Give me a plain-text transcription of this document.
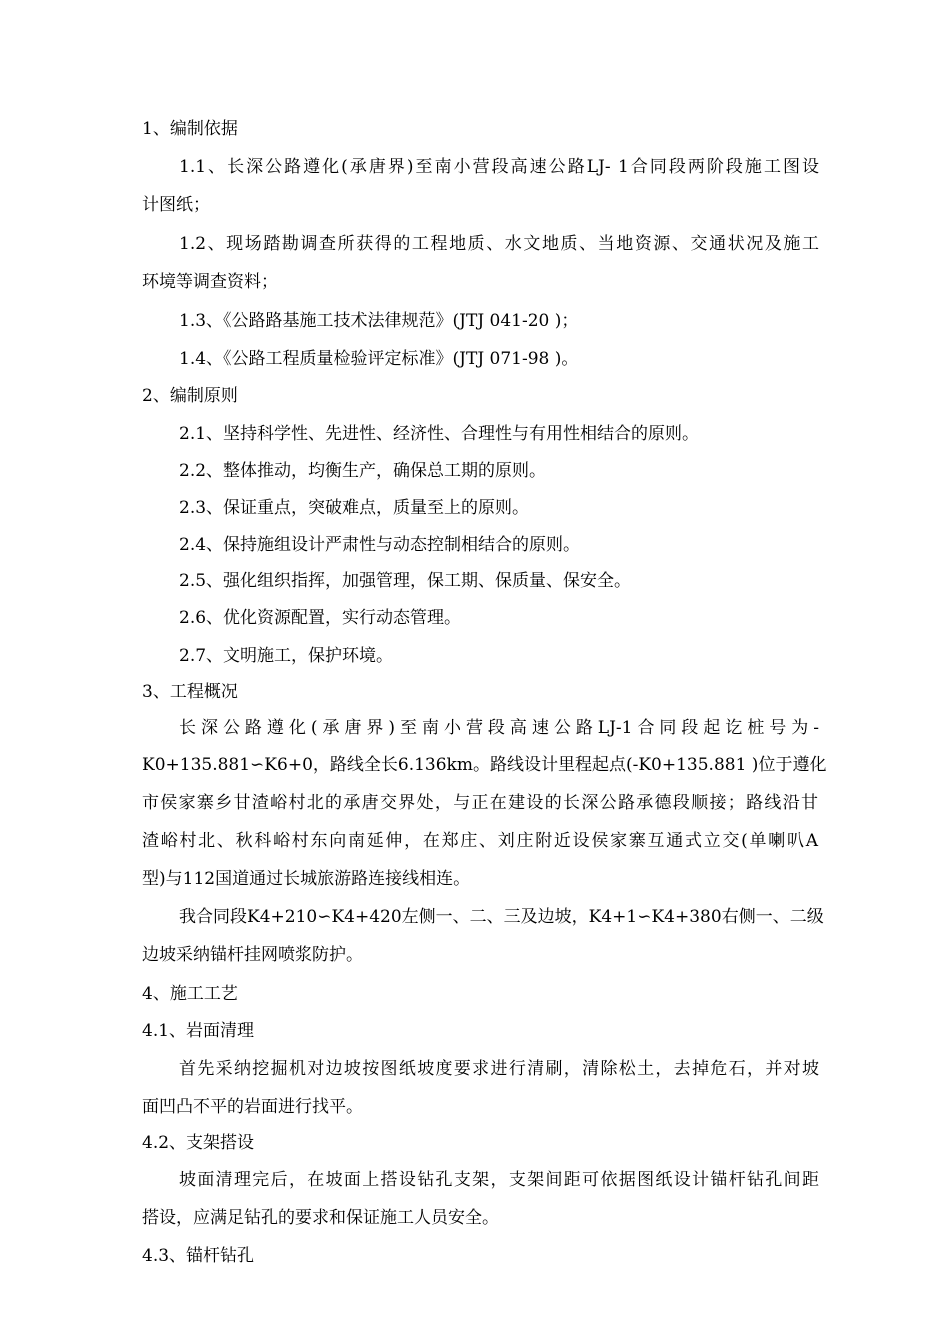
1、编制依据
1.1、长深公路遵化(承唐界)至南小营段高速公路LJ- 1合同段两阶段施工图设
计图纸；
1.2、现场踏勘调查所获得的工程地质、水文地质、当地资源、交通状况及施工
环境等调查资料；
1.3、《公路路基施工技术法律规范》(JTJ 041-20 )；
1.4、《公路工程质量检验评定标准》(JTJ 071-98 )。
2、编制原则
2.1、坚持科学性、先进性、经济性、合理性与有用性相结合的原则。
2.2、整体推动，均衡生产，确保总工期的原则。
2.3、保证重点，突破难点，质量至上的原则。
2.4、保持施组设计严肃性与动态控制相结合的原则。
2.5、强化组织指挥，加强管理，保工期、保质量、保安全。
2.6、优化资源配置，实行动态管理。
2.7、文明施工，保护环境。
3、工程概况
长深公路遵化(承唐界)至南小营段高速公路LJ-1合同段起讫桩号为-
K0+135.881∽K6+0，路线全长6.136km。路线设计里程起点(-K0+135.881 )位于遵化
市侯家寨乡甘渣峪村北的承唐交界处，与正在建设的长深公路承德段顺接；路线沿甘
渣峪村北、秋科峪村东向南延伸，在郑庄、刘庄附近设侯家寨互通式立交(单喇叭A
型)与112国道通过长城旅游路连接线相连。
我合同段K4+210∽K4+420左侧一、二、三及边坡，K4+1∽K4+380右侧一、二级
边坡采纳锚杆挂网喷浆防护。
4、施工工艺
4.1、岩面清理
首先采纳挖掘机对边坡按图纸坡度要求进行清刷，清除松土，去掉危石，并对坡
面凹凸不平的岩面进行找平。
4.2、支架搭设
坡面清理完后，在坡面上搭设钻孔支架，支架间距可依据图纸设计锚杆钻孔间距
搭设，应满足钻孔的要求和保证施工人员安全。
4.3、锚杆钻孔
